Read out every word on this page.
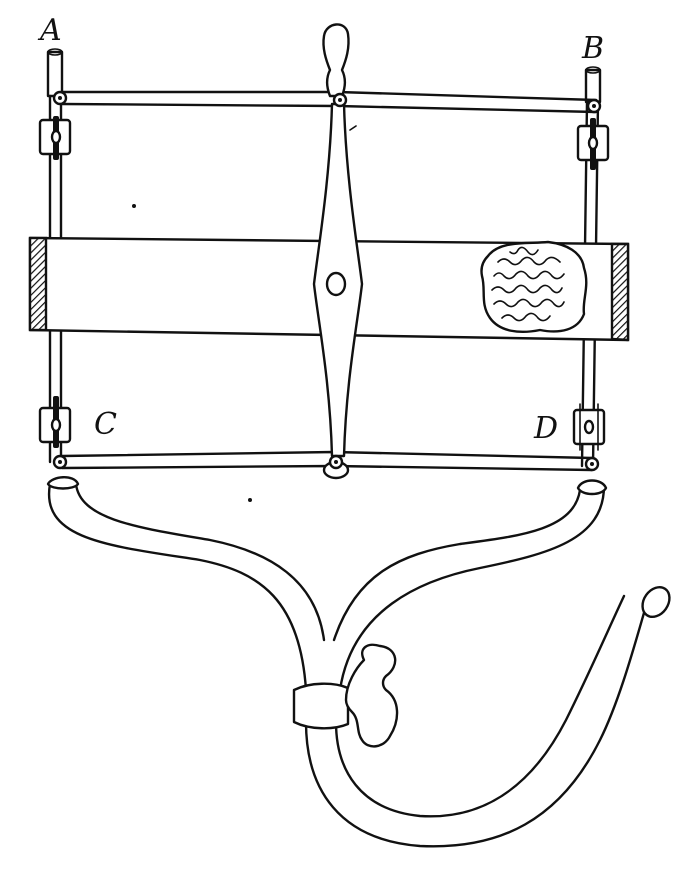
A
B
C	D
